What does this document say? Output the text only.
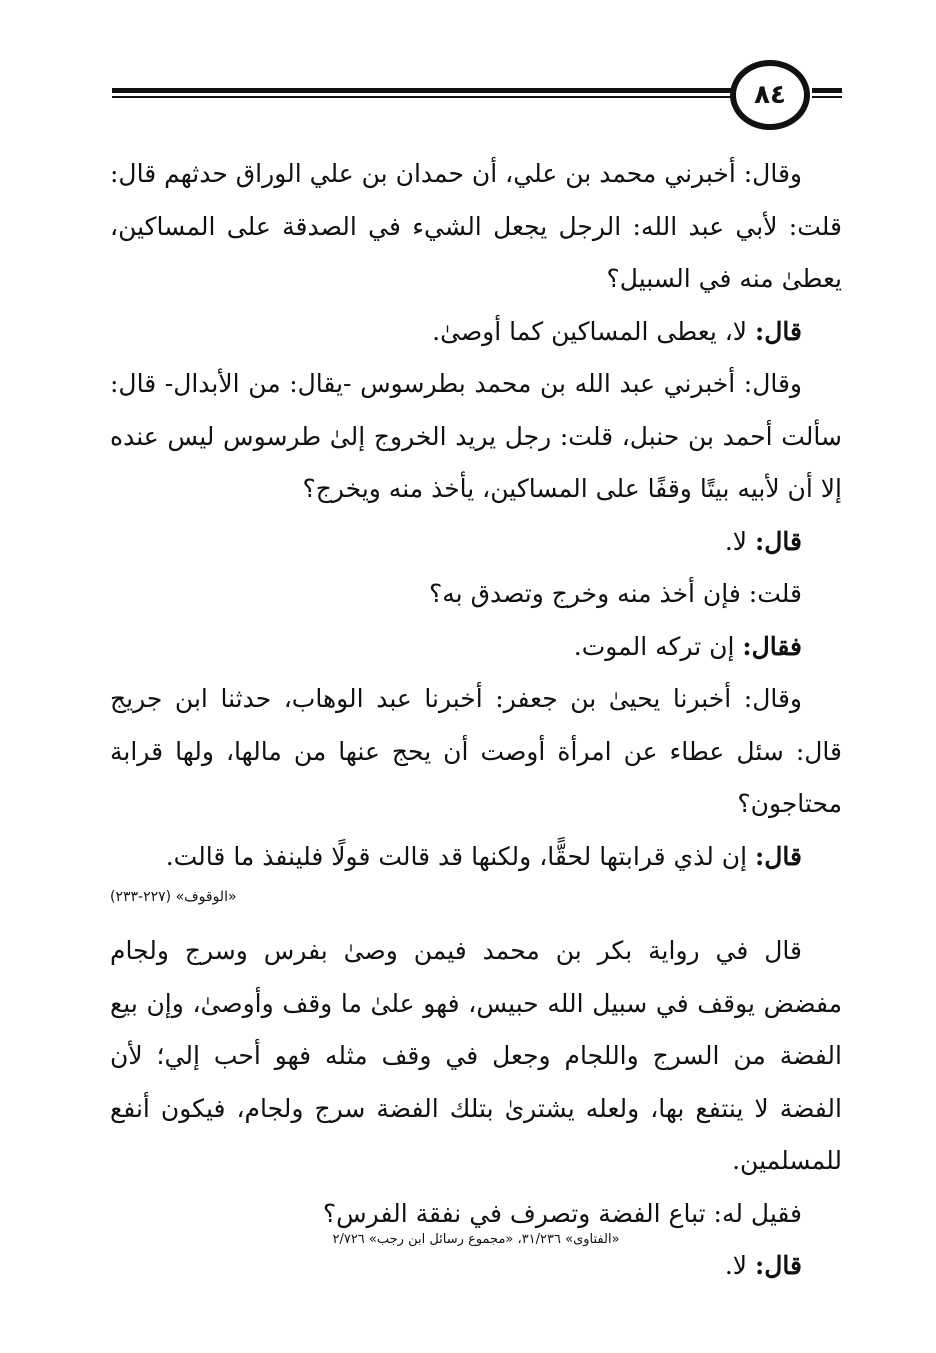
٨٤

وقال: أخبرني محمد بن علي، أن حمدان بن علي الوراق حدثهم قال: قلت: لأبي عبد الله: الرجل يجعل الشيء في الصدقة على المساكين، يعطىٰ منه في السبيل؟

قال: لا، يعطى المساكين كما أوصىٰ.

وقال: أخبرني عبد الله بن محمد بطرسوس -يقال: من الأبدال- قال: سألت أحمد بن حنبل، قلت: رجل يريد الخروج إلىٰ طرسوس ليس عنده إلا أن لأبيه بيتًا وقفًا على المساكين، يأخذ منه ويخرج؟

قال: لا.

قلت: فإن أخذ منه وخرج وتصدق به؟

فقال: إن تركه الموت.

وقال: أخبرنا يحيىٰ بن جعفر: أخبرنا عبد الوهاب، حدثنا ابن جريج قال: سئل عطاء عن امرأة أوصت أن يحج عنها من مالها، ولها قرابة محتاجون؟

قال: إن لذي قرابتها لحقًّا، ولكنها قد قالت قولًا فلينفذ ما قالت.

«الوقوف» (٢٢٧-٢٣٣)

قال في رواية بكر بن محمد فيمن وصىٰ بفرس وسرج ولجام مفضض يوقف في سبيل الله حبيس، فهو علىٰ ما وقف وأوصىٰ، وإن بيع الفضة من السرج واللجام وجعل في وقف مثله فهو أحب إلي؛ لأن الفضة لا ينتفع بها، ولعله يشترىٰ بتلك الفضة سرج ولجام، فيكون أنفع للمسلمين.

فقيل له: تباع الفضة وتصرف في نفقة الفرس؟

قال: لا.

«الفتاوى» ٣١/٢٣٦، «مجموع رسائل ابن رجب» ٢/٧٢٦
